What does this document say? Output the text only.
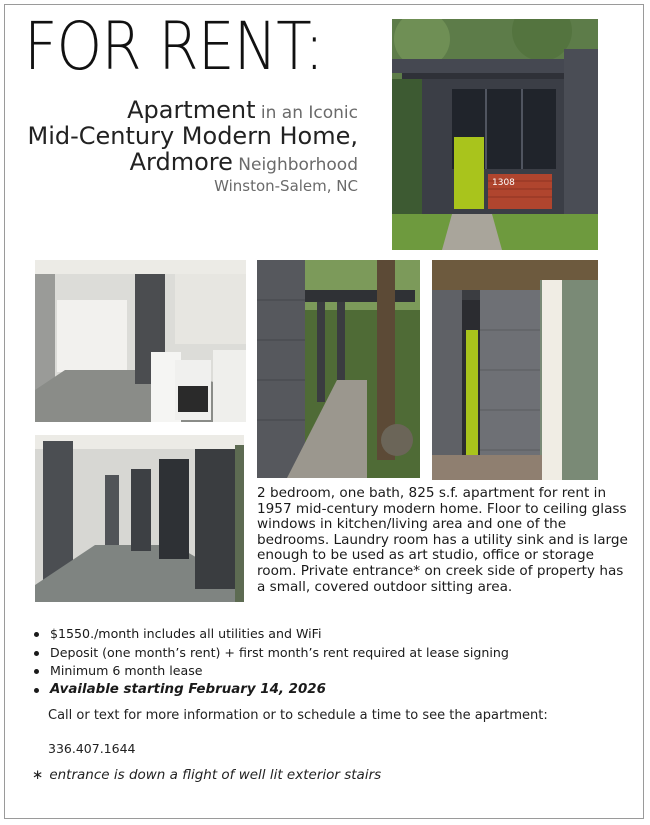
FOR RENT:
Apartment in an Iconic
Mid-Century Modern Home,
Ardmore Neighborhood
Winston-Salem, NC	1308

2 bedroom, one bath, 825 s.f. apartment for rent in 1957 mid-century modern home. Floor to ceiling glass windows in kitchen/living area and one of the bedrooms. Laundry room has a utility sink and is large enough to be used as art studio, office or storage room. Private entrance* on creek side of property has a small, covered outdoor sitting area.

$1550./month includes all utilities and WiFi
Deposit (one month’s rent) + first month’s rent required at lease signing
Minimum 6 month lease
Available starting February 14, 2026
Call or text for more information or to schedule a time to see the apartment:
336.407.1644
∗ entrance is down a flight of well lit exterior stairs
